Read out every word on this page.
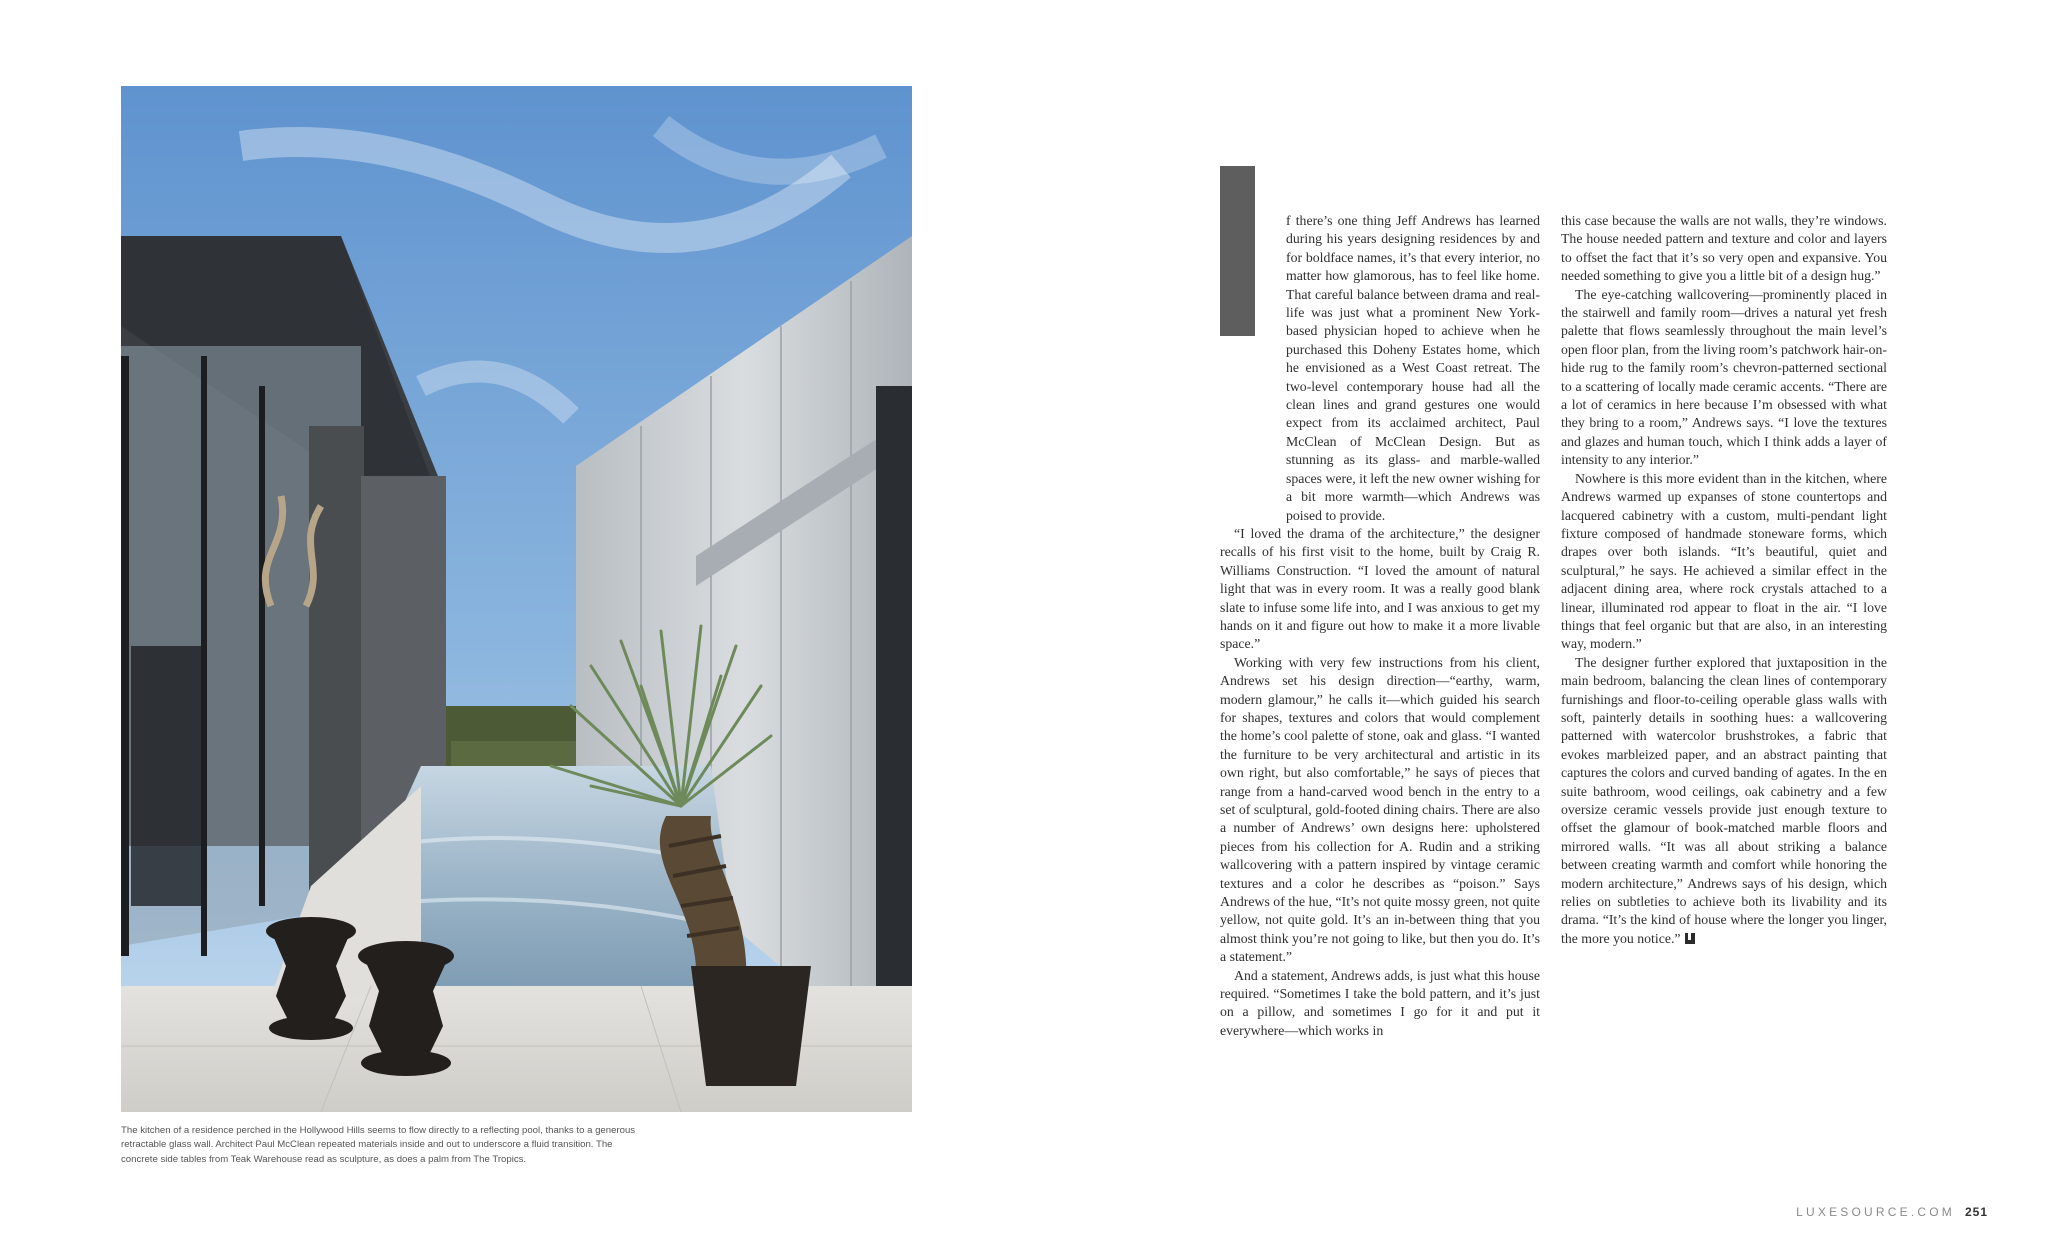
The kitchen of a residence perched in the Hollywood Hills seems to flow directly to a reflecting pool, thanks to a generous retractable glass wall. Architect Paul McClean repeated materials inside and out to underscore a fluid transition. The concrete side tables from Teak Warehouse read as sculpture, as does a palm from The Tropics.

f there’s one thing Jeff Andrews has learned during his years designing residences by and for boldface names, it’s that every interior, no matter how glamorous, has to feel like home. That careful balance between drama and real-life was just what a prominent New York-based physician hoped to achieve when he purchased this Doheny Estates home, which he envisioned as a West Coast retreat. The two-level contemporary house had all the clean lines and grand gestures one would expect from its acclaimed architect, Paul McClean of McClean Design. But as stunning as its glass- and marble-walled spaces were, it left the new owner wishing for a bit more warmth—which Andrews was poised to provide.

“I loved the drama of the architecture,” the designer recalls of his first visit to the home, built by Craig R. Williams Construction. “I loved the amount of natural light that was in every room. It was a really good blank slate to infuse some life into, and I was anxious to get my hands on it and figure out how to make it a more livable space.”

Working with very few instructions from his client, Andrews set his design direction—“earthy, warm, modern glamour,” he calls it—which guided his search for shapes, textures and colors that would complement the home’s cool palette of stone, oak and glass. “I wanted the furniture to be very architectural and artistic in its own right, but also comfortable,” he says of pieces that range from a hand-carved wood bench in the entry to a set of sculptural, gold-footed dining chairs. There are also a number of Andrews’ own designs here: upholstered pieces from his collection for A. Rudin and a striking wallcovering with a pattern inspired by vintage ceramic textures and a color he describes as “poison.” Says Andrews of the hue, “It’s not quite mossy green, not quite yellow, not quite gold. It’s an in-between thing that you almost think you’re not going to like, but then you do. It’s a statement.”

And a statement, Andrews adds, is just what this house required. “Sometimes I take the bold pattern, and it’s just on a pillow, and sometimes I go for it and put it everywhere—which works in

this case because the walls are not walls, they’re windows. The house needed pattern and texture and color and layers to offset the fact that it’s so very open and expansive. You needed something to give you a little bit of a design hug.”

The eye-catching wallcovering—prominently placed in the stairwell and family room—drives a natural yet fresh palette that flows seamlessly throughout the main level’s open floor plan, from the living room’s patchwork hair-on-hide rug to the family room’s chevron-patterned sectional to a scattering of locally made ceramic accents. “There are a lot of ceramics in here because I’m obsessed with what they bring to a room,” Andrews says. “I love the textures and glazes and human touch, which I think adds a layer of intensity to any interior.”

Nowhere is this more evident than in the kitchen, where Andrews warmed up expanses of stone countertops and lacquered cabinetry with a custom, multi-pendant light fixture composed of handmade stoneware forms, which drapes over both islands. “It’s beautiful, quiet and sculptural,” he says. He achieved a similar effect in the adjacent dining area, where rock crystals attached to a linear, illuminated rod appear to float in the air. “I love things that feel organic but that are also, in an interesting way, modern.”

The designer further explored that juxtaposition in the main bedroom, balancing the clean lines of contemporary furnishings and floor-to-ceiling operable glass walls with soft, painterly details in soothing hues: a wallcovering patterned with watercolor brushstrokes, a fabric that evokes marbleized paper, and an abstract painting that captures the colors and curved banding of agates. In the en suite bathroom, wood ceilings, oak cabinetry and a few oversize ceramic vessels provide just enough texture to offset the glamour of book-matched marble floors and mirrored walls. “It was all about striking a balance between creating warmth and comfort while honoring the modern architecture,” Andrews says of his design, which relies on subtleties to achieve both its livability and its drama. “It’s the kind of house where the longer you linger, the more you notice.”

LUXESOURCE.COM 251
